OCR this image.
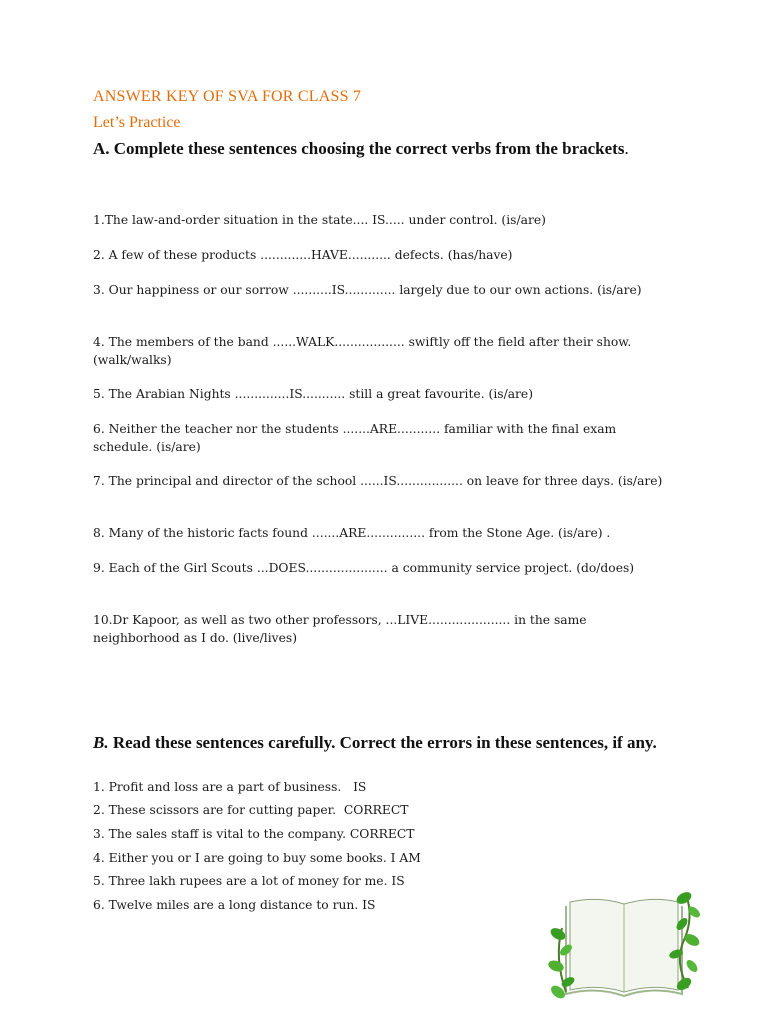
ANSWER KEY OF SVA FOR CLASS 7
Let’s Practice
A. Complete these sentences choosing the correct verbs from the brackets.

1.The law-and-order situation in the state.... IS..... under control. (is/are)

2. A few of these products .............HAVE........... defects. (has/have)

3. Our happiness or our sorrow ..........IS............. largely due to our own actions. (is/are)

4. The members of the band ......WALK.................. swiftly off the field after their show. (walk/walks)

5. The Arabian Nights ..............IS........... still a great favourite. (is/are)

6. Neither the teacher nor the students .......ARE........... familiar with the final exam schedule. (is/are)

7. The principal and director of the school ......IS................. on leave for three days. (is/are)

8. Many of the historic facts found .......ARE............... from the Stone Age. (is/are) .

9. Each of the Girl Scouts ...DOES..................... a community service project. (do/does)

10.Dr Kapoor, as well as two other professors, ...LIVE..................... in the same neighborhood as I do. (live/lives)

B. Read these sentences carefully. Correct the errors in these sentences, if any.
1. Profit and loss are a part of business.   IS
2. These scissors are for cutting paper.  CORRECT
3. The sales staff is vital to the company. CORRECT
4. Either you or I are going to buy some books. I AM
5. Three lakh rupees are a lot of money for me. IS
6. Twelve miles are a long distance to run. IS
